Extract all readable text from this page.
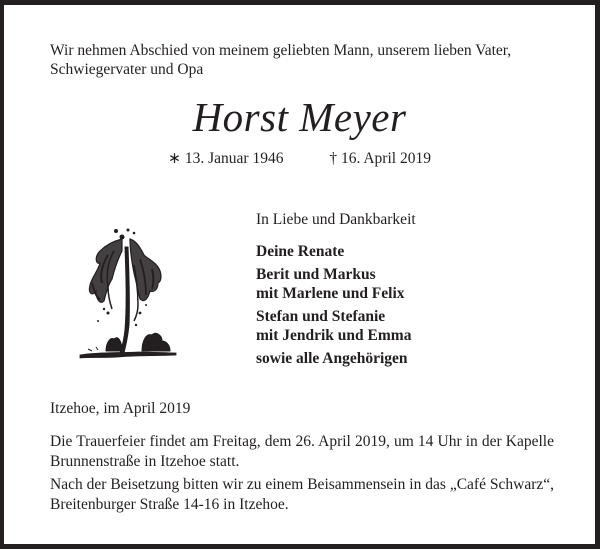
Wir nehmen Abschied von meinem geliebten Mann, unserem lieben Vater, Schwiegervater und Opa
Horst Meyer
∗ 13. Januar 1946	† 16. April 2019
In Liebe und Dankbarkeit
Deine Renate
Berit und Markus
mit Marlene und Felix
Stefan und Stefanie
mit Jendrik und Emma
sowie alle Angehörigen
Itzehoe, im April 2019
Die Trauerfeier findet am Freitag, dem 26. April 2019, um 14 Uhr in der Kapelle Brunnenstraße in Itzehoe statt.
Nach der Beisetzung bitten wir zu einem Beisammensein in das „Café Schwarz“, Breitenburger Straße 14-16 in Itzehoe.
